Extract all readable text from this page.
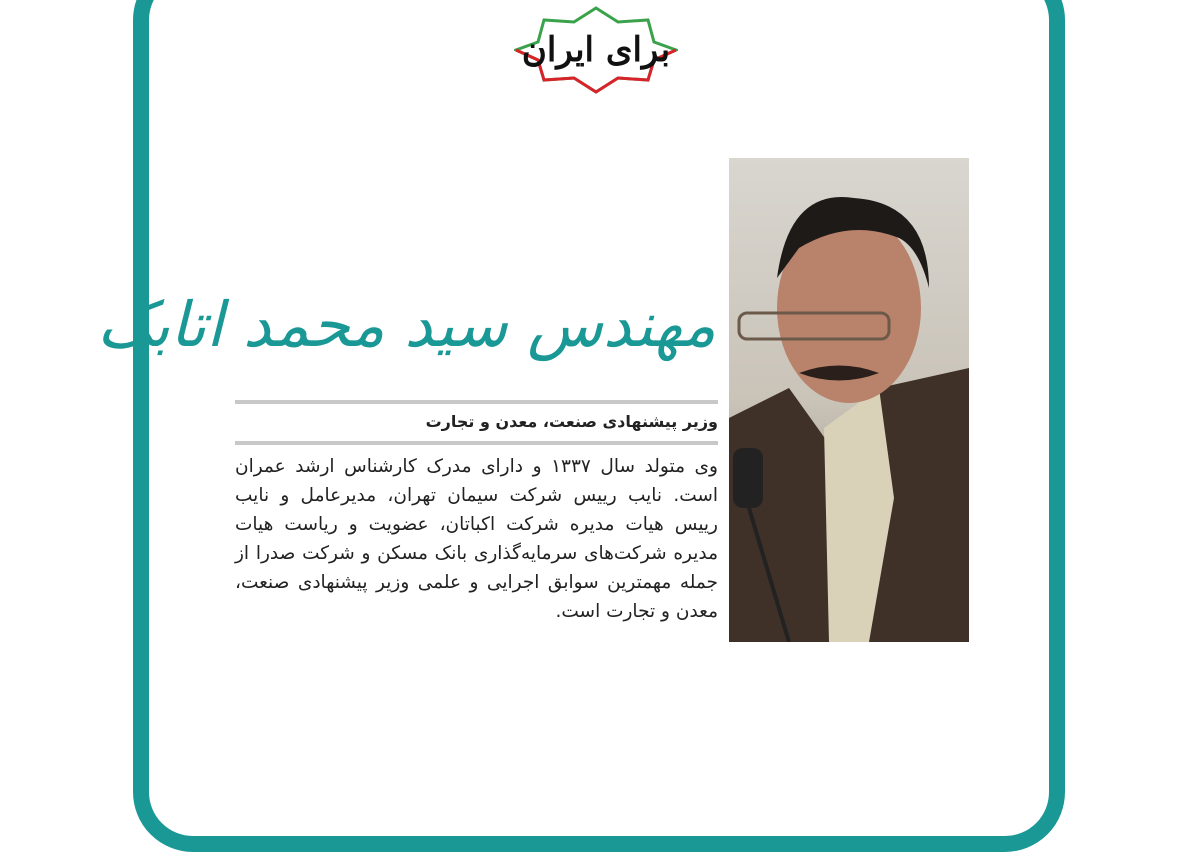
برای ایران
مهندس سید محمد اتابک
وزیر پیشنهادی صنعت، معدن و تجارت
وی متولد سال ۱۳۳۷ و دارای مدرک کارشناس ارشد عمران است. نایب رییس شرکت سیمان تهران، مدیرعامل و نایب رییس هیات مدیره شرکت اکباتان، عضویت و ریاست هیات مدیره شرکت‌های سرمایه‌گذاری بانک مسکن و شرکت صدرا از جمله مهمترین سوابق اجرایی و علمی وزیر پیشنهادی صنعت، معدن و تجارت است.
